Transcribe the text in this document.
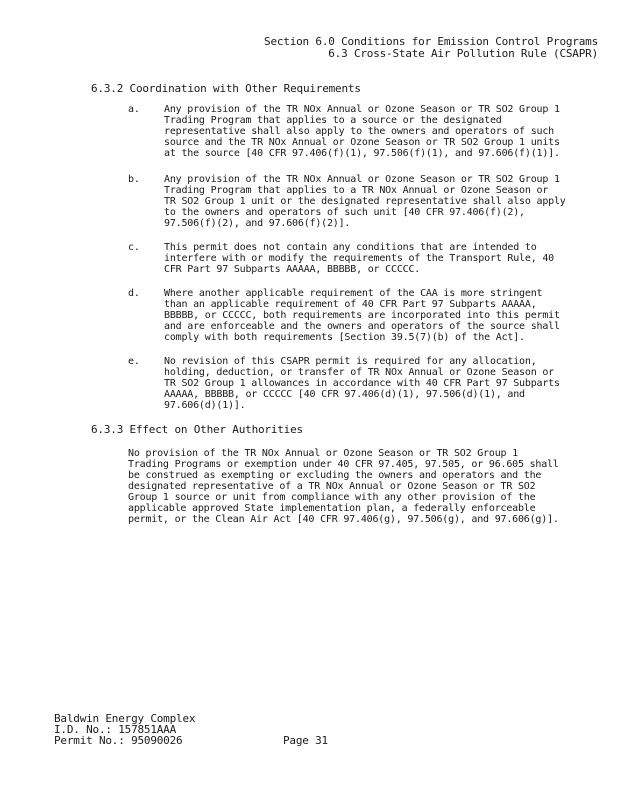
Section 6.0 Conditions for Emission Control Programs
6.3 Cross-State Air Pollution Rule (CSAPR)
6.3.2 Coordination with Other Requirements
a. Any provision of the TR NOx Annual or Ozone Season or TR SO2 Group 1
Trading Program that applies to a source or the designated
representative shall also apply to the owners and operators of such
source and the TR NOx Annual or Ozone Season or TR SO2 Group 1 units
at the source [40 CFR 97.406(f)(1), 97.506(f)(1), and 97.606(f)(1)].
b. Any provision of the TR NOx Annual or Ozone Season or TR SO2 Group 1
Trading Program that applies to a TR NOx Annual or Ozone Season or
TR SO2 Group 1 unit or the designated representative shall also apply
to the owners and operators of such unit [40 CFR 97.406(f)(2),
97.506(f)(2), and 97.606(f)(2)].
c. This permit does not contain any conditions that are intended to
interfere with or modify the requirements of the Transport Rule, 40
CFR Part 97 Subparts AAAAA, BBBBB, or CCCCC.
d. Where another applicable requirement of the CAA is more stringent
than an applicable requirement of 40 CFR Part 97 Subparts AAAAA,
BBBBB, or CCCCC, both requirements are incorporated into this permit
and are enforceable and the owners and operators of the source shall
comply with both requirements [Section 39.5(7)(b) of the Act].
e. No revision of this CSAPR permit is required for any allocation,
holding, deduction, or transfer of TR NOx Annual or Ozone Season or
TR SO2 Group 1 allowances in accordance with 40 CFR Part 97 Subparts
AAAAA, BBBBB, or CCCCC [40 CFR 97.406(d)(1), 97.506(d)(1), and
97.606(d)(1)].
6.3.3 Effect on Other Authorities
No provision of the TR NOx Annual or Ozone Season or TR SO2 Group 1
Trading Programs or exemption under 40 CFR 97.405, 97.505, or 96.605 shall
be construed as exempting or excluding the owners and operators and the
designated representative of a TR NOx Annual or Ozone Season or TR SO2
Group 1 source or unit from compliance with any other provision of the
applicable approved State implementation plan, a federally enforceable
permit, or the Clean Air Act [40 CFR 97.406(g), 97.506(g), and 97.606(g)].
Baldwin Energy Complex
I.D. No.: 157851AAA
Permit No.: 95090026	Page 31
